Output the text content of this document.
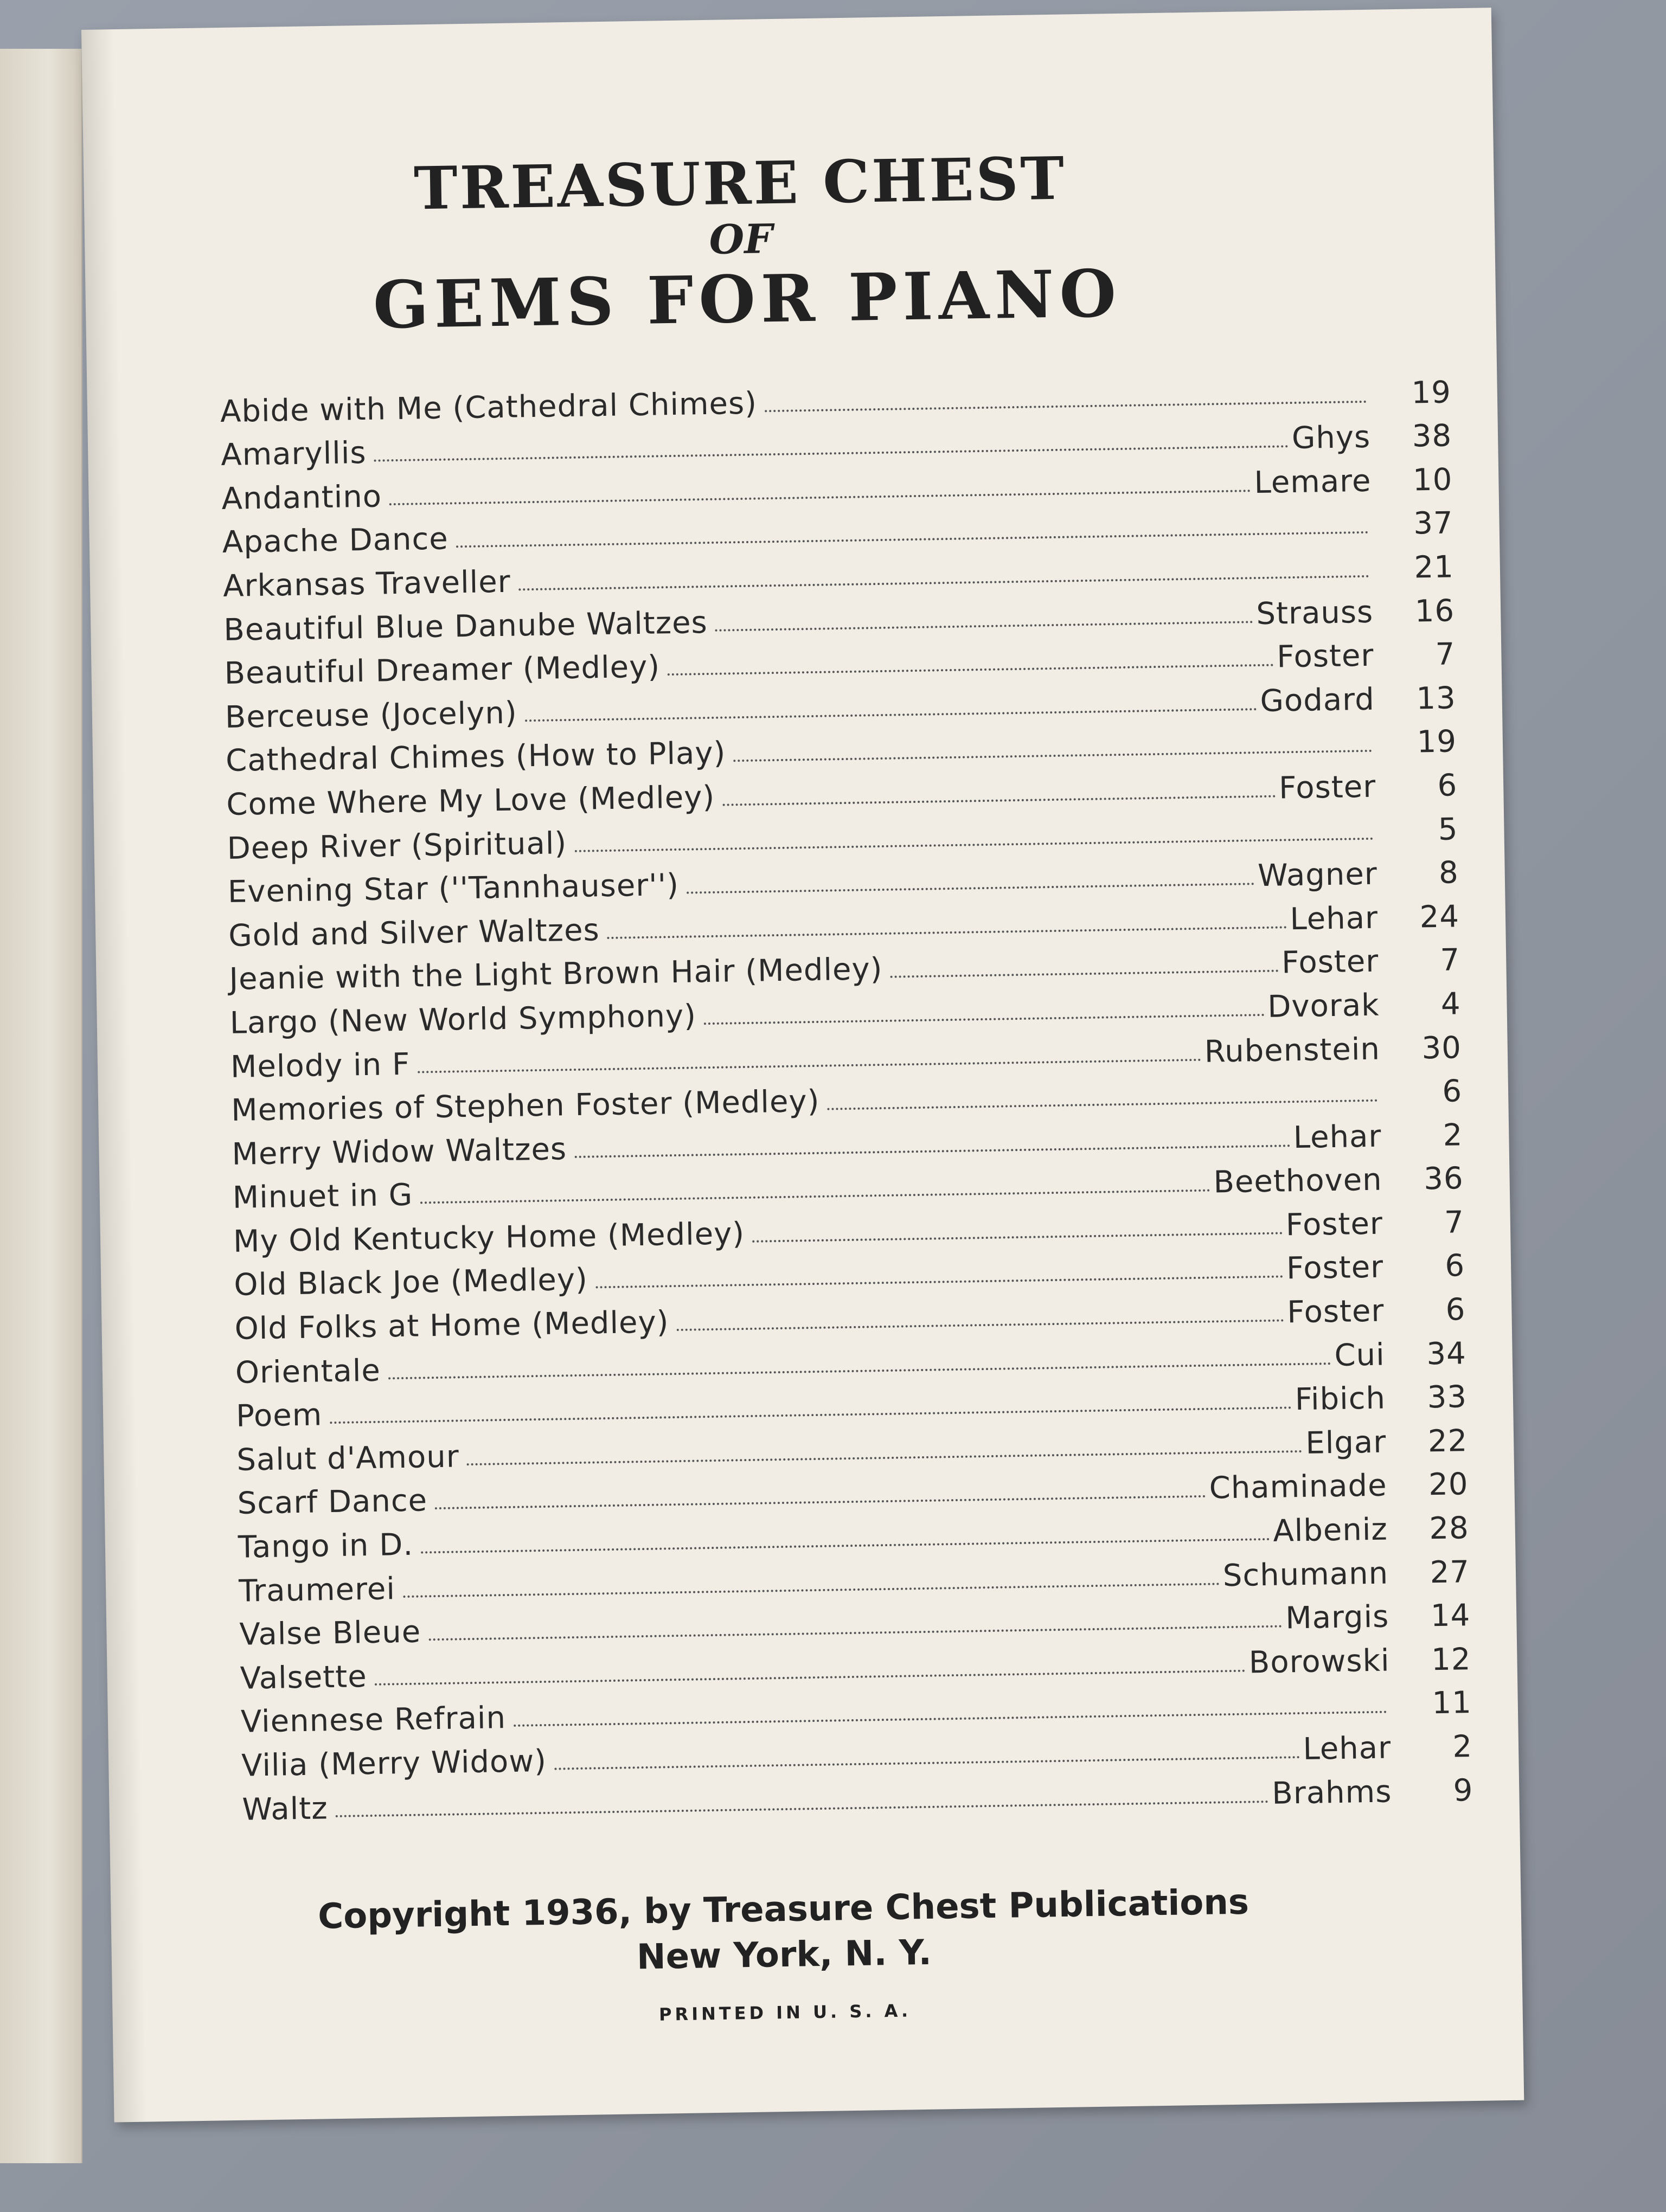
TREASURE CHEST
OF
GEMS FOR PIANO
Abide with Me (Cathedral Chimes)	19
Amaryllis	Ghys	38
Andantino	Lemare	10
Apache Dance	37
Arkansas Traveller	21
Beautiful Blue Danube Waltzes	Strauss	16
Beautiful Dreamer (Medley)	Foster	7
Berceuse (Jocelyn)	Godard	13
Cathedral Chimes (How to Play)	19
Come Where My Love (Medley)	Foster	6
Deep River (Spiritual)	5
Evening Star (''Tannhauser'')	Wagner	8
Gold and Silver Waltzes	Lehar	24
Jeanie with the Light Brown Hair (Medley)	Foster	7
Largo (New World Symphony)	Dvorak	4
Melody in F	Rubenstein	30
Memories of Stephen Foster (Medley)	6
Merry Widow Waltzes	Lehar	2
Minuet in G	Beethoven	36
My Old Kentucky Home (Medley)	Foster	7
Old Black Joe (Medley)	Foster	6
Old Folks at Home (Medley)	Foster	6
Orientale	Cui	34
Poem	Fibich	33
Salut d'Amour	Elgar	22
Scarf Dance	Chaminade	20
Tango in D.	Albeniz	28
Traumerei	Schumann	27
Valse Bleue	Margis	14
Valsette	Borowski	12
Viennese Refrain	11
Vilia (Merry Widow)	Lehar	2
Waltz	Brahms	9
Copyright 1936, by Treasure Chest Publications
New York, N. Y.
PRINTED IN U. S. A.
